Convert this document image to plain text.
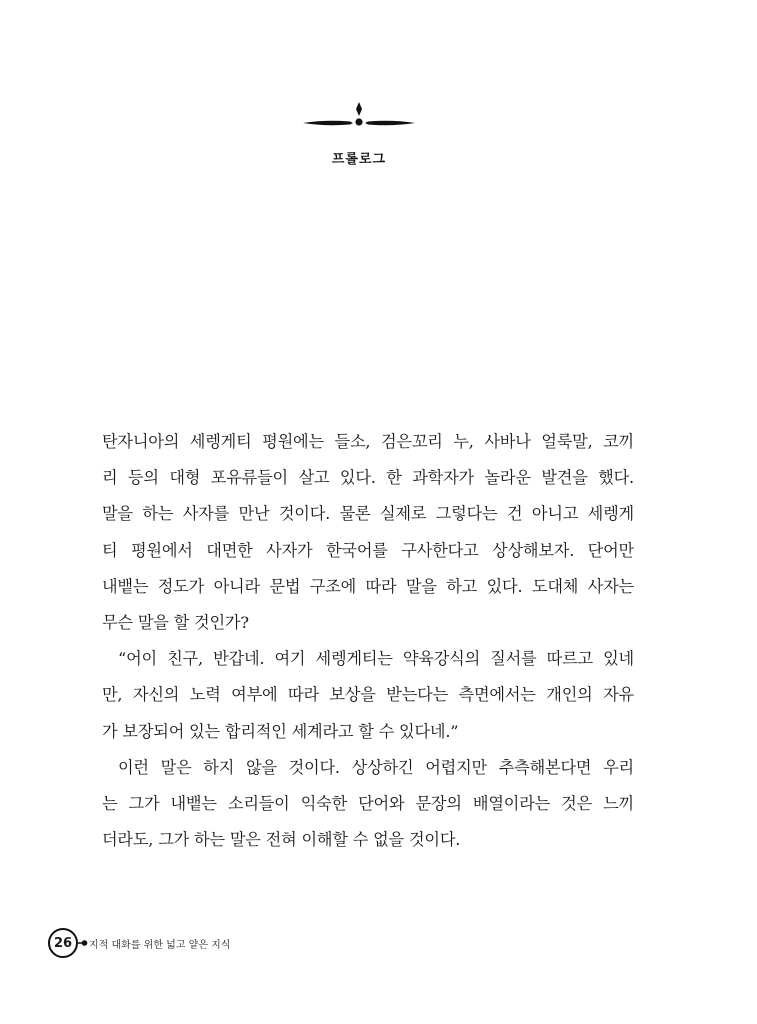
프롤로그

탄자니아의 세렝게티 평원에는 들소, 검은꼬리 누, 사바나 얼룩말, 코끼
리 등의 대형 포유류들이 살고 있다. 한 과학자가 놀라운 발견을 했다.
말을 하는 사자를 만난 것이다. 물론 실제로 그렇다는 건 아니고 세렝게
티 평원에서 대면한 사자가 한국어를 구사한다고 상상해보자. 단어만
내뱉는 정도가 아니라 문법 구조에 따라 말을 하고 있다. 도대체 사자는
무슨 말을 할 것인가?

“어이 친구, 반갑네. 여기 세렝게티는 약육강식의 질서를 따르고 있네
만, 자신의 노력 여부에 따라 보상을 받는다는 측면에서는 개인의 자유
가 보장되어 있는 합리적인 세계라고 할 수 있다네.”

이런 말은 하지 않을 것이다. 상상하긴 어렵지만 추측해본다면 우리
는 그가 내뱉는 소리들이 익숙한 단어와 문장의 배열이라는 것은 느끼
더라도, 그가 하는 말은 전혀 이해할 수 없을 것이다.

26	지적 대화를 위한 넓고 얕은 지식
